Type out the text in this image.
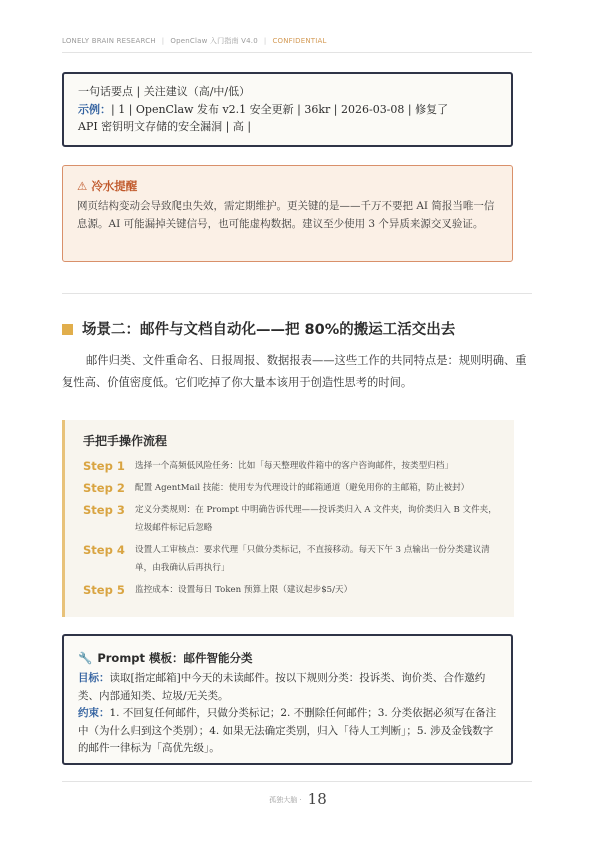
LONELY BRAIN RESEARCH | OpenClaw 入门指南 V4.0 | CONFIDENTIAL
一句话要点 | 关注建议（高/中/低）
示例：| 1 | OpenClaw 发布 v2.1 安全更新 | 36kr | 2026-03-08 | 修复了
API 密钥明文存储的安全漏洞 | 高 |
⚠ 冷水提醒
网页结构变动会导致爬虫失效，需定期维护。更关键的是——千万不要把 AI 简报当唯一信息源。AI 可能漏掉关键信号，也可能虚构数据。建议至少使用 3 个异质来源交叉验证。
场景二：邮件与文档自动化——把 80%的搬运工活交出去
邮件归类、文件重命名、日报周报、数据报表——这些工作的共同特点是：规则明确、重复性高、价值密度低。它们吃掉了你大量本该用于创造性思考的时间。
手把手操作流程
Step 1	选择一个高频低风险任务：比如「每天整理收件箱中的客户咨询邮件，按类型归档」
Step 2	配置 AgentMail 技能：使用专为代理设计的邮箱通道（避免用你的主邮箱，防止被封）
Step 3	定义分类规则：在 Prompt 中明确告诉代理——投诉类归入 A 文件夹，询价类归入 B 文件夹，垃圾邮件标记后忽略
Step 4	设置人工审核点：要求代理「只做分类标记，不直接移动。每天下午 3 点输出一份分类建议清单，由我确认后再执行」
Step 5	监控成本：设置每日 Token 预算上限（建议起步$5/天）
🔧 Prompt 模板：邮件智能分类
目标：读取[指定邮箱]中今天的未读邮件。按以下规则分类：投诉类、询价类、合作邀约类、内部通知类、垃圾/无关类。
约束：1. 不回复任何邮件，只做分类标记；2. 不删除任何邮件；3. 分类依据必须写在备注中（为什么归到这个类别）；4. 如果无法确定类别，归入「待人工判断」；5. 涉及金钱数字的邮件一律标为「高优先级」。
孤独大脑 · 18
